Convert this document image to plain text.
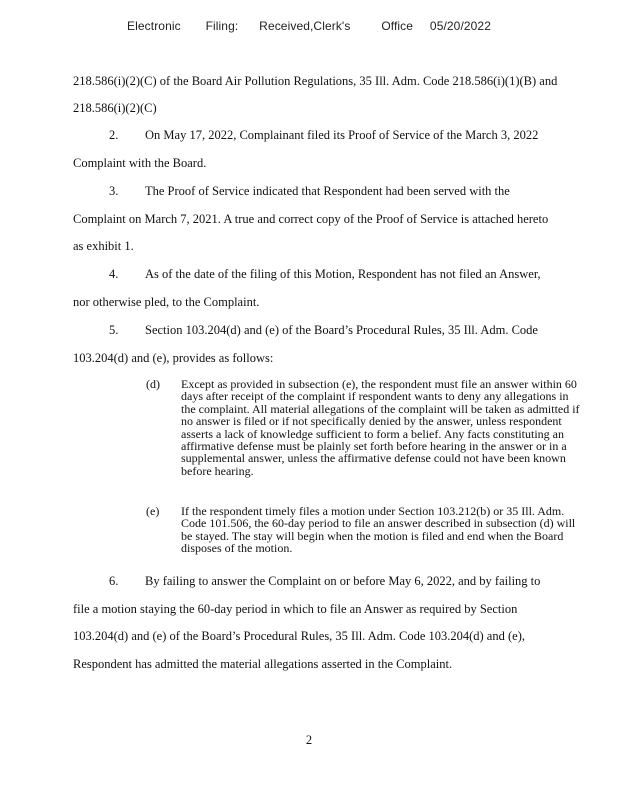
Electronic Filing: Received,Clerk's	Office 05/20/2022
218.586(i)(2)(C) of the Board Air Pollution Regulations, 35 Ill. Adm. Code 218.586(i)(1)(B) and
218.586(i)(2)(C)
2. On May 17, 2022, Complainant filed its Proof of Service of the March 3, 2022
Complaint with the Board.
3. The Proof of Service indicated that Respondent had been served with the
Complaint on March 7, 2021. A true and correct copy of the Proof of Service is attached hereto
as exhibit 1.
4. As of the date of the filing of this Motion, Respondent has not filed an Answer,
nor otherwise pled, to the Complaint.
5. Section 103.204(d) and (e) of the Board’s Procedural Rules, 35 Ill. Adm. Code
103.204(d) and (e), provides as follows:
(d) Except as provided in subsection (e), the respondent must file an answer within 60 days after receipt of the complaint if respondent wants to deny any allegations in the complaint. All material allegations of the complaint will be taken as admitted if no answer is filed or if not specifically denied by the answer, unless respondent asserts a lack of knowledge sufficient to form a belief. Any facts constituting an affirmative defense must be plainly set forth before hearing in the answer or in a supplemental answer, unless the affirmative defense could not have been known before hearing.
(e) If the respondent timely files a motion under Section 103.212(b) or 35 Ill. Adm. Code 101.506, the 60-day period to file an answer described in subsection (d) will be stayed. The stay will begin when the motion is filed and end when the Board disposes of the motion.
6. By failing to answer the Complaint on or before May 6, 2022, and by failing to
file a motion staying the 60-day period in which to file an Answer as required by Section
103.204(d) and (e) of the Board’s Procedural Rules, 35 Ill. Adm. Code 103.204(d) and (e),
Respondent has admitted the material allegations asserted in the Complaint.
2
